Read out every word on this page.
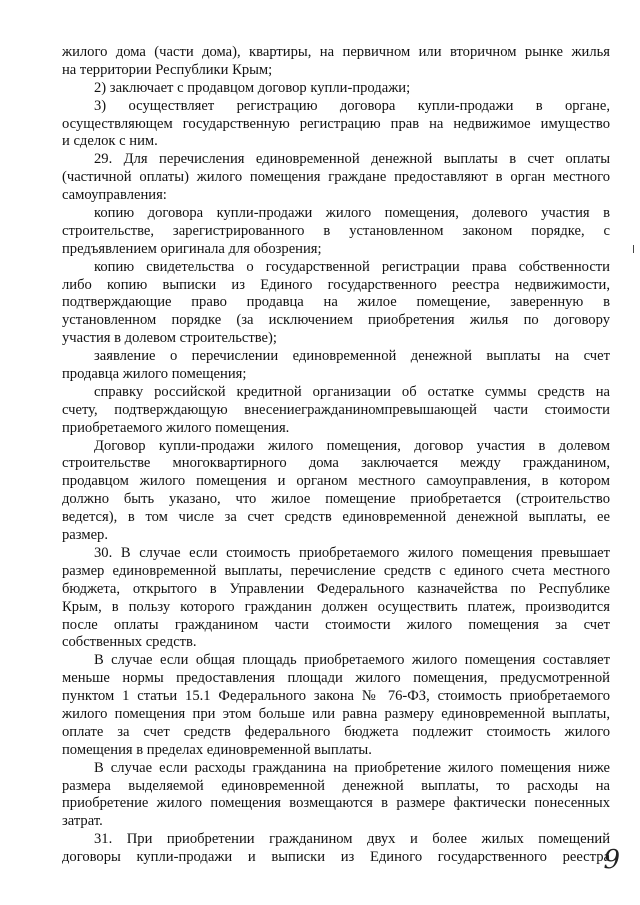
жилого дома (части дома), квартиры, на первичном или вторичном рынке жилья
на территории Республики Крым;
2) заключает с продавцом договор купли-продажи;
3) осуществляет регистрацию договора купли-продажи в органе,
осуществляющем государственную регистрацию прав на недвижимое имущество
и сделок с ним.
29. Для перечисления единовременной денежной выплаты в счет оплаты
(частичной оплаты) жилого помещения граждане предоставляют в орган местного
самоуправления:
копию договора купли-продажи жилого помещения, долевого участия в
строительстве, зарегистрированного в установленном законом порядке, с
предъявлением оригинала для обозрения;
копию свидетельства о государственной регистрации права собственности
либо копию выписки из Единого государственного реестра недвижимости,
подтверждающие право продавца на жилое помещение, заверенную в
установленном порядке (за исключением приобретения жилья по договору
участия в долевом строительстве);
заявление о перечислении единовременной денежной выплаты на счет
продавца жилого помещения;
справку российской кредитной организации об остатке суммы средств на
счету, подтверждающую внесениегражданиномпревышающей части стоимости
приобретаемого жилого помещения.
Договор купли-продажи жилого помещения, договор участия в долевом
строительстве многоквартирного дома заключается между гражданином,
продавцом жилого помещения и органом местного самоуправления, в котором
должно быть указано, что жилое помещение приобретается (строительство
ведется), в том числе за счет средств единовременной денежной выплаты, ее
размер.
30. В случае если стоимость приобретаемого жилого помещения превышает
размер единовременной выплаты, перечисление средств с единого счета местного
бюджета, открытого в Управлении Федерального казначейства по Республике
Крым, в пользу которого гражданин должен осуществить платеж, производится
после оплаты гражданином части стоимости жилого помещения за счет
собственных средств.
В случае если общая площадь приобретаемого жилого помещения составляет
меньше нормы предоставления площади жилого помещения, предусмотренной
пунктом 1 статьи 15.1 Федерального закона № 76-ФЗ, стоимость приобретаемого
жилого помещения при этом больше или равна размеру единовременной выплаты,
оплате за счет средств федерального бюджета подлежит стоимость жилого
помещения в пределах единовременной выплаты.
В случае если расходы гражданина на приобретение жилого помещения ниже
размера выделяемой единовременной денежной выплаты, то расходы на
приобретение жилого помещения возмещаются в размере фактически понесенных
затрат.
31. При приобретении гражданином двух и более жилых помещений
договоры купли-продажи и выписки из Единого государственного реестра
9
